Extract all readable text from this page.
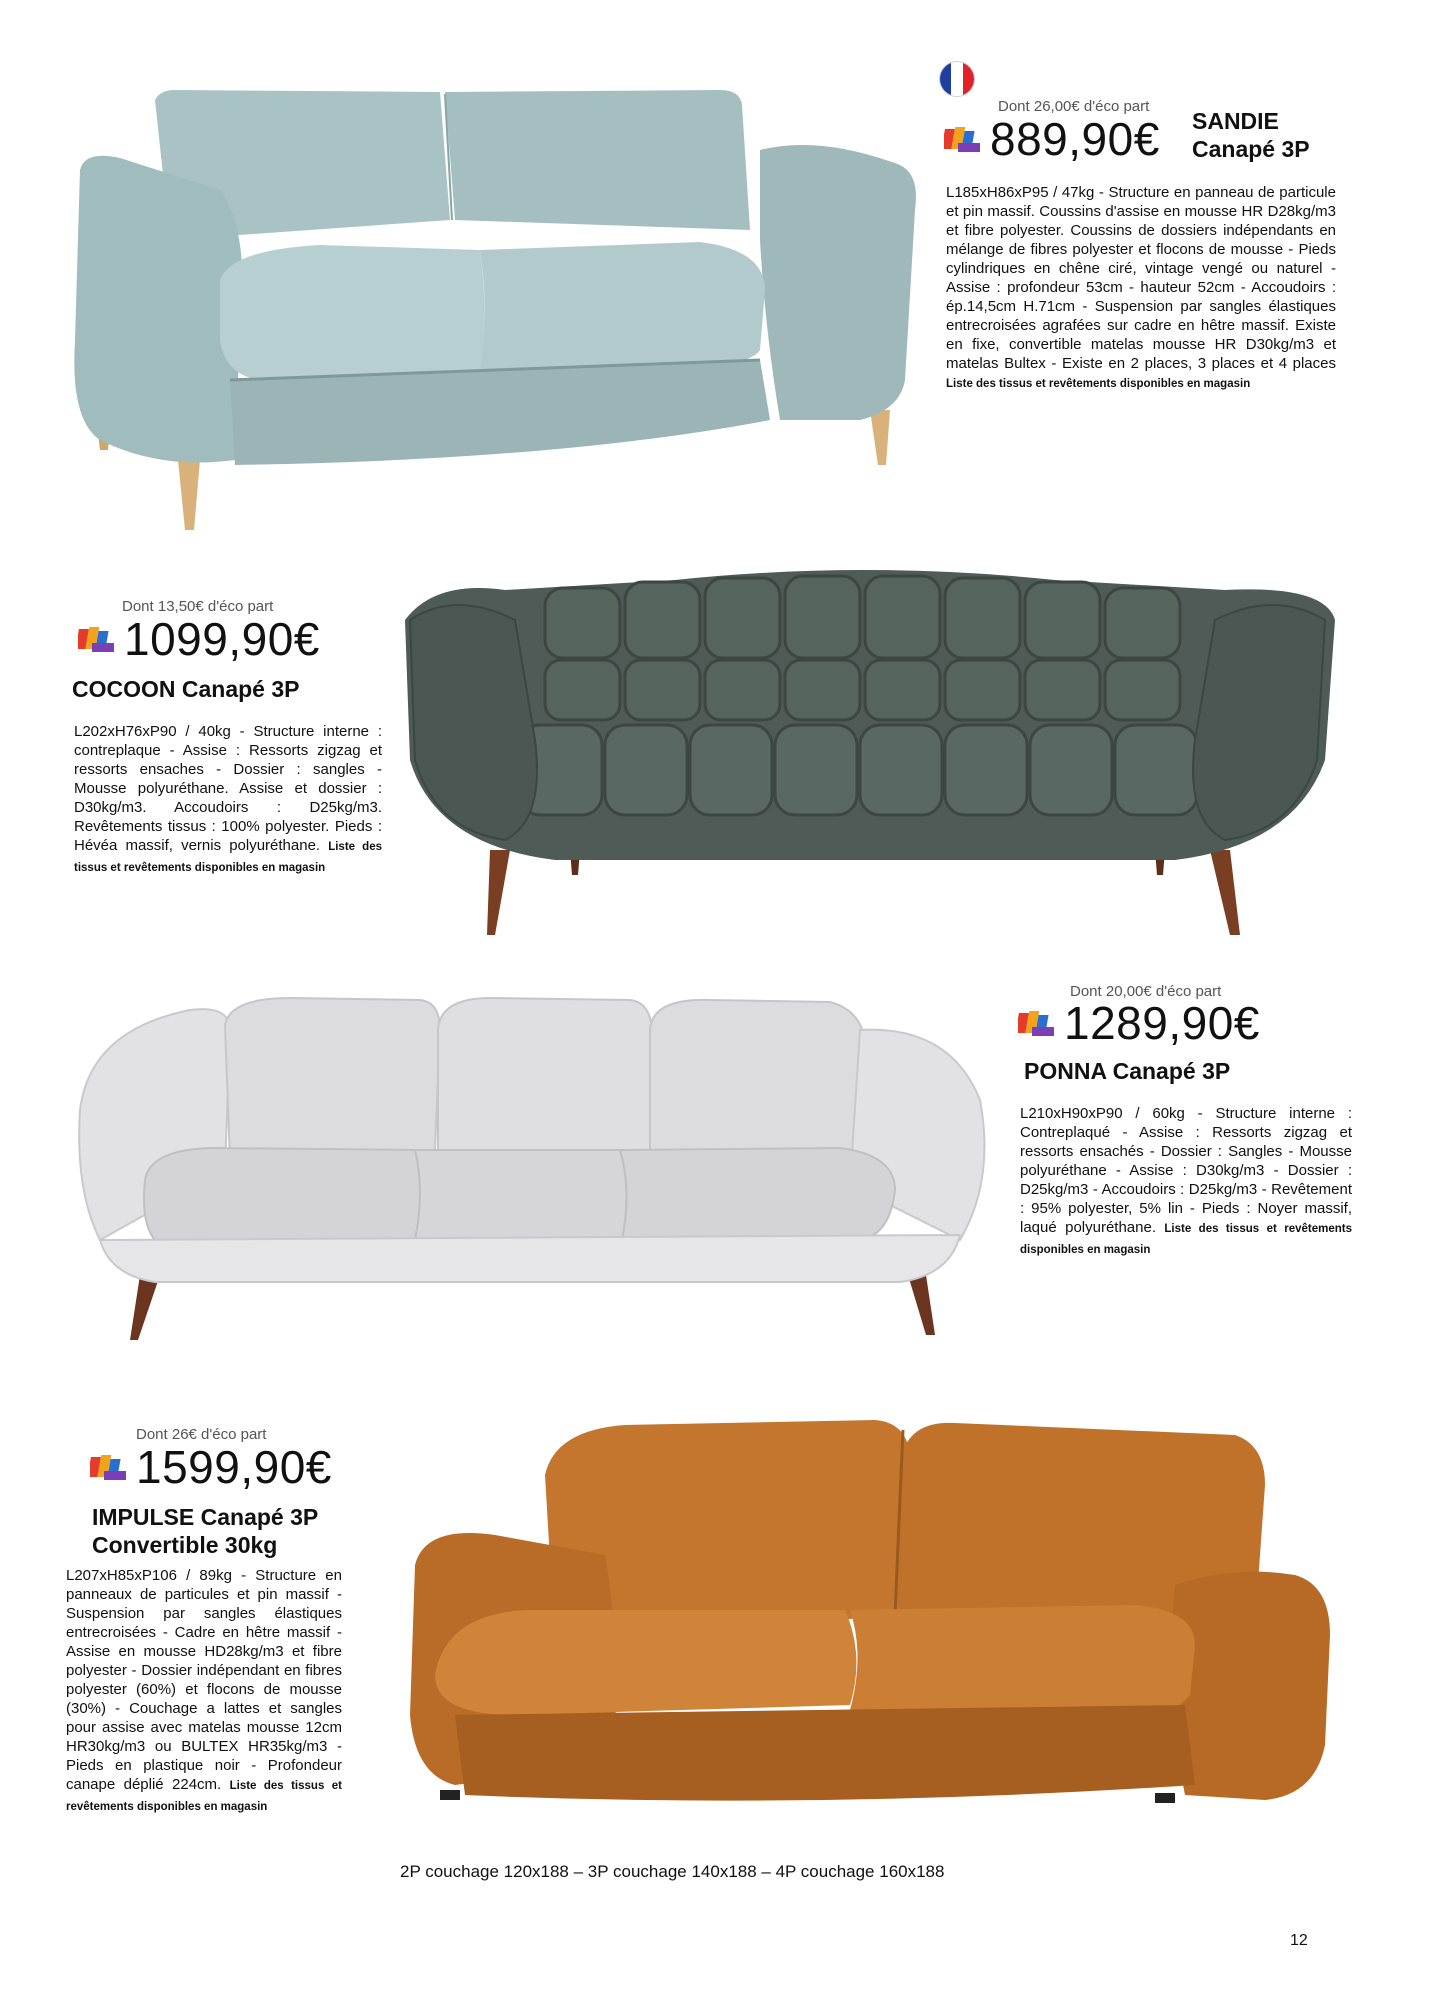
Dont 26,00€ d'éco part
889,90€ SANDIE
Canapé 3P
L185xH86xP95 / 47kg - Structure en panneau de particule et pin massif. Coussins d'assise en mousse HR D28kg/m3 et fibre polyester. Coussins de dossiers indépendants en mélange de fibres polyester et flocons de mousse - Pieds cylindriques en chêne ciré, vintage vengé ou naturel - Assise : profondeur 53cm - hauteur 52cm - Accoudoirs : ép.14,5cm H.71cm - Suspension par sangles élastiques entrecroisées agrafées sur cadre en hêtre massif. Existe en fixe, convertible matelas mousse HR D30kg/m3 et matelas Bultex - Existe en 2 places, 3 places et 4 places Liste des tissus et revêtements disponibles en magasin
Dont 13,50€ d'éco part
1099,90€
COCOON Canapé 3P
L202xH76xP90 / 40kg - Structure interne : contreplaque - Assise : Ressorts zigzag et ressorts ensaches - Dossier : sangles - Mousse polyuréthane. Assise et dossier : D30kg/m3. Accoudoirs : D25kg/m3. Revêtements tissus : 100% polyester. Pieds : Hévéa massif, vernis polyuréthane. Liste des tissus et revêtements disponibles en magasin
Dont 20,00€ d'éco part
1289,90€
PONNA Canapé 3P
L210xH90xP90 / 60kg - Structure interne : Contreplaqué - Assise : Ressorts zigzag et ressorts ensachés - Dossier : Sangles - Mousse polyuréthane - Assise : D30kg/m3 - Dossier : D25kg/m3 - Accoudoirs : D25kg/m3 - Revêtement : 95% polyester, 5% lin - Pieds : Noyer massif, laqué polyuréthane. Liste des tissus et revêtements disponibles en magasin
Dont 26€ d'éco part
1599,90€
IMPULSE Canapé 3P
Convertible 30kg
L207xH85xP106 / 89kg - Structure en panneaux de particules et pin massif - Suspension par sangles élastiques entrecroisées - Cadre en hêtre massif - Assise en mousse HD28kg/m3 et fibre polyester - Dossier indépendant en fibres polyester (60%) et flocons de mousse (30%) - Couchage a lattes et sangles pour assise avec matelas mousse 12cm HR30kg/m3 ou BULTEX HR35kg/m3 - Pieds en plastique noir - Profondeur canape déplié 224cm. Liste des tissus et revêtements disponibles en magasin
2P couchage 120x188 – 3P couchage 140x188 – 4P couchage 160x188
12
